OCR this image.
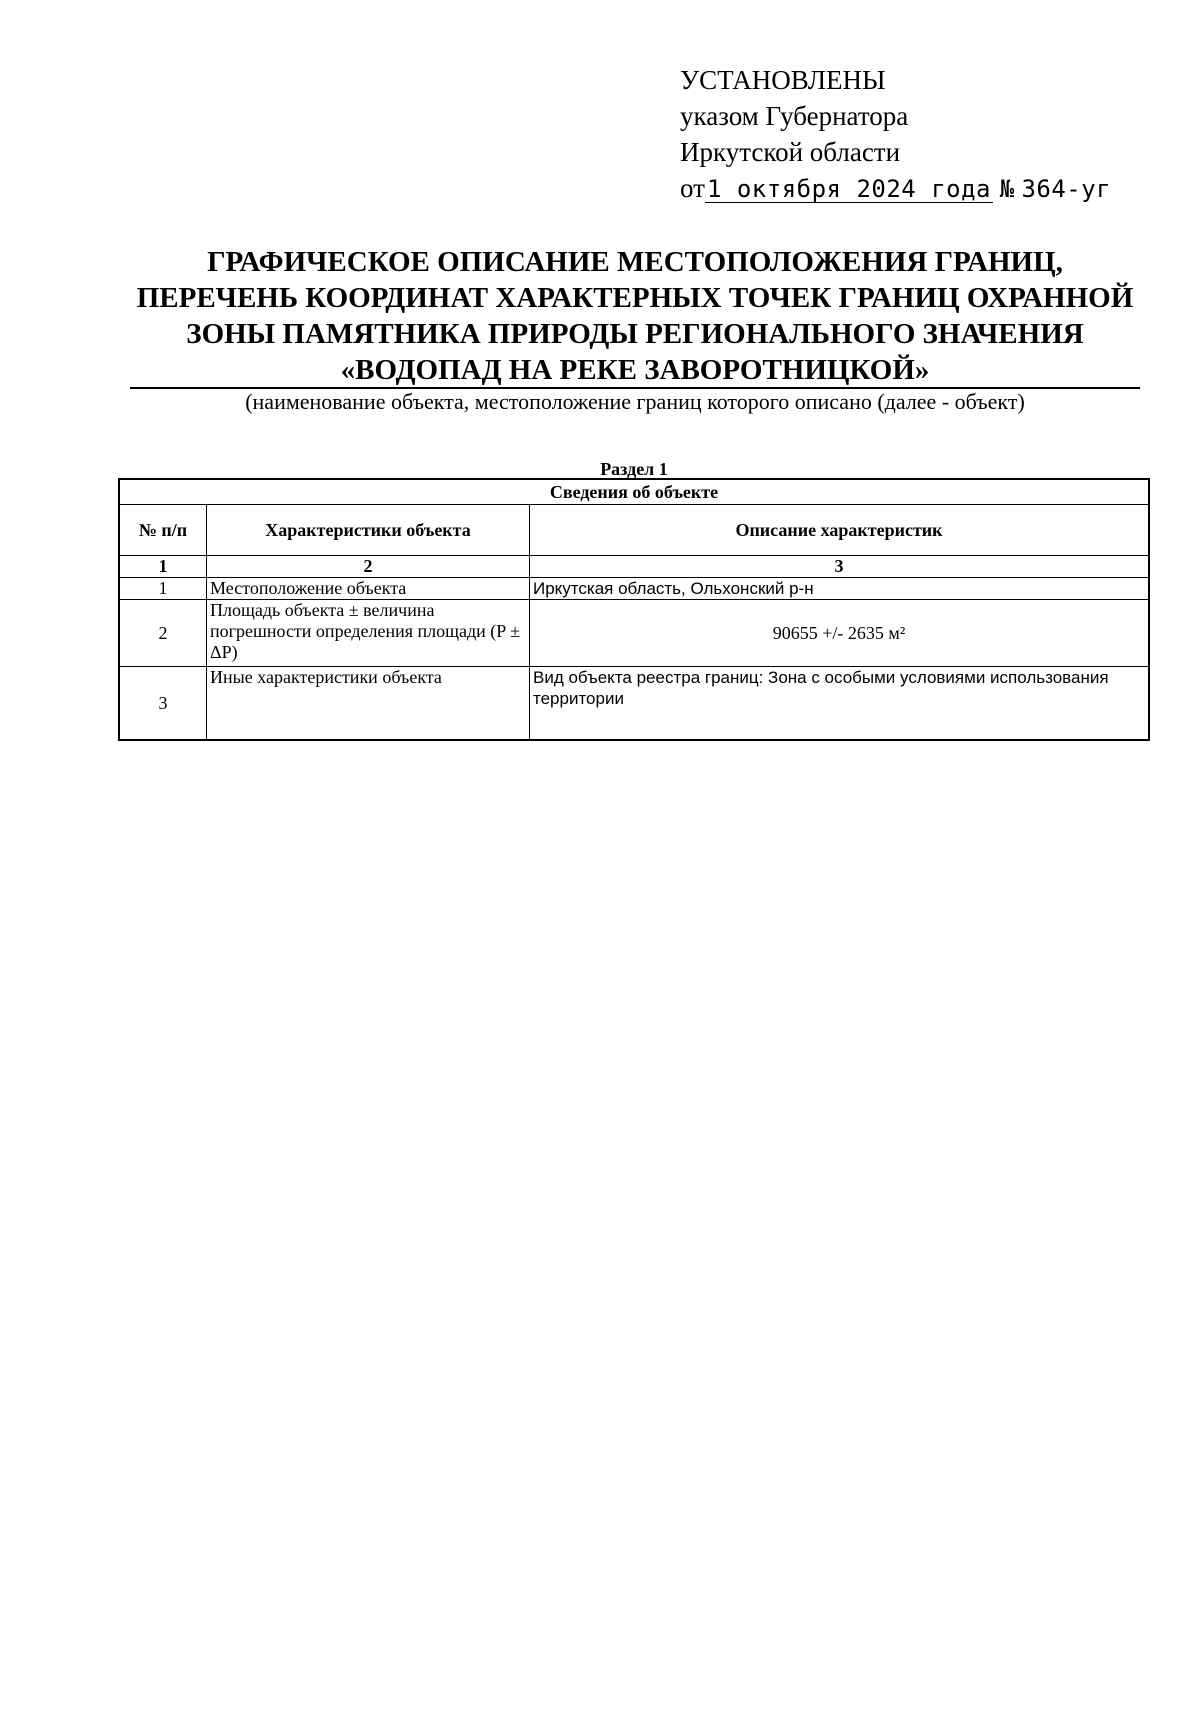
УСТАНОВЛЕНЫ
указом Губернатора
Иркутской области
от1 октября 2024 года № 364-уг
ГРАФИЧЕСКОЕ ОПИСАНИЕ МЕСТОПОЛОЖЕНИЯ ГРАНИЦ,
ПЕРЕЧЕНЬ КООРДИНАТ ХАРАКТЕРНЫХ ТОЧЕК ГРАНИЦ ОХРАННОЙ
ЗОНЫ ПАМЯТНИКА ПРИРОДЫ РЕГИОНАЛЬНОГО ЗНАЧЕНИЯ
«ВОДОПАД НА РЕКЕ ЗАВОРОТНИЦКОЙ»
(наименование объекта, местоположение границ которого описано (далее - объект)
Раздел 1
Сведения об объекте		
№ п/п	Характеристики объекта	Описание характеристик
1	2	3
1	Местоположение объекта	Иркутская область, Ольхонский р-н
2	Площадь объекта ± величина погрешности определения площади (P ± ΔР)	90655 +/- 2635 м²
3	Иные характеристики объекта	Вид объекта реестра границ: Зона с особыми условиями использования территории
